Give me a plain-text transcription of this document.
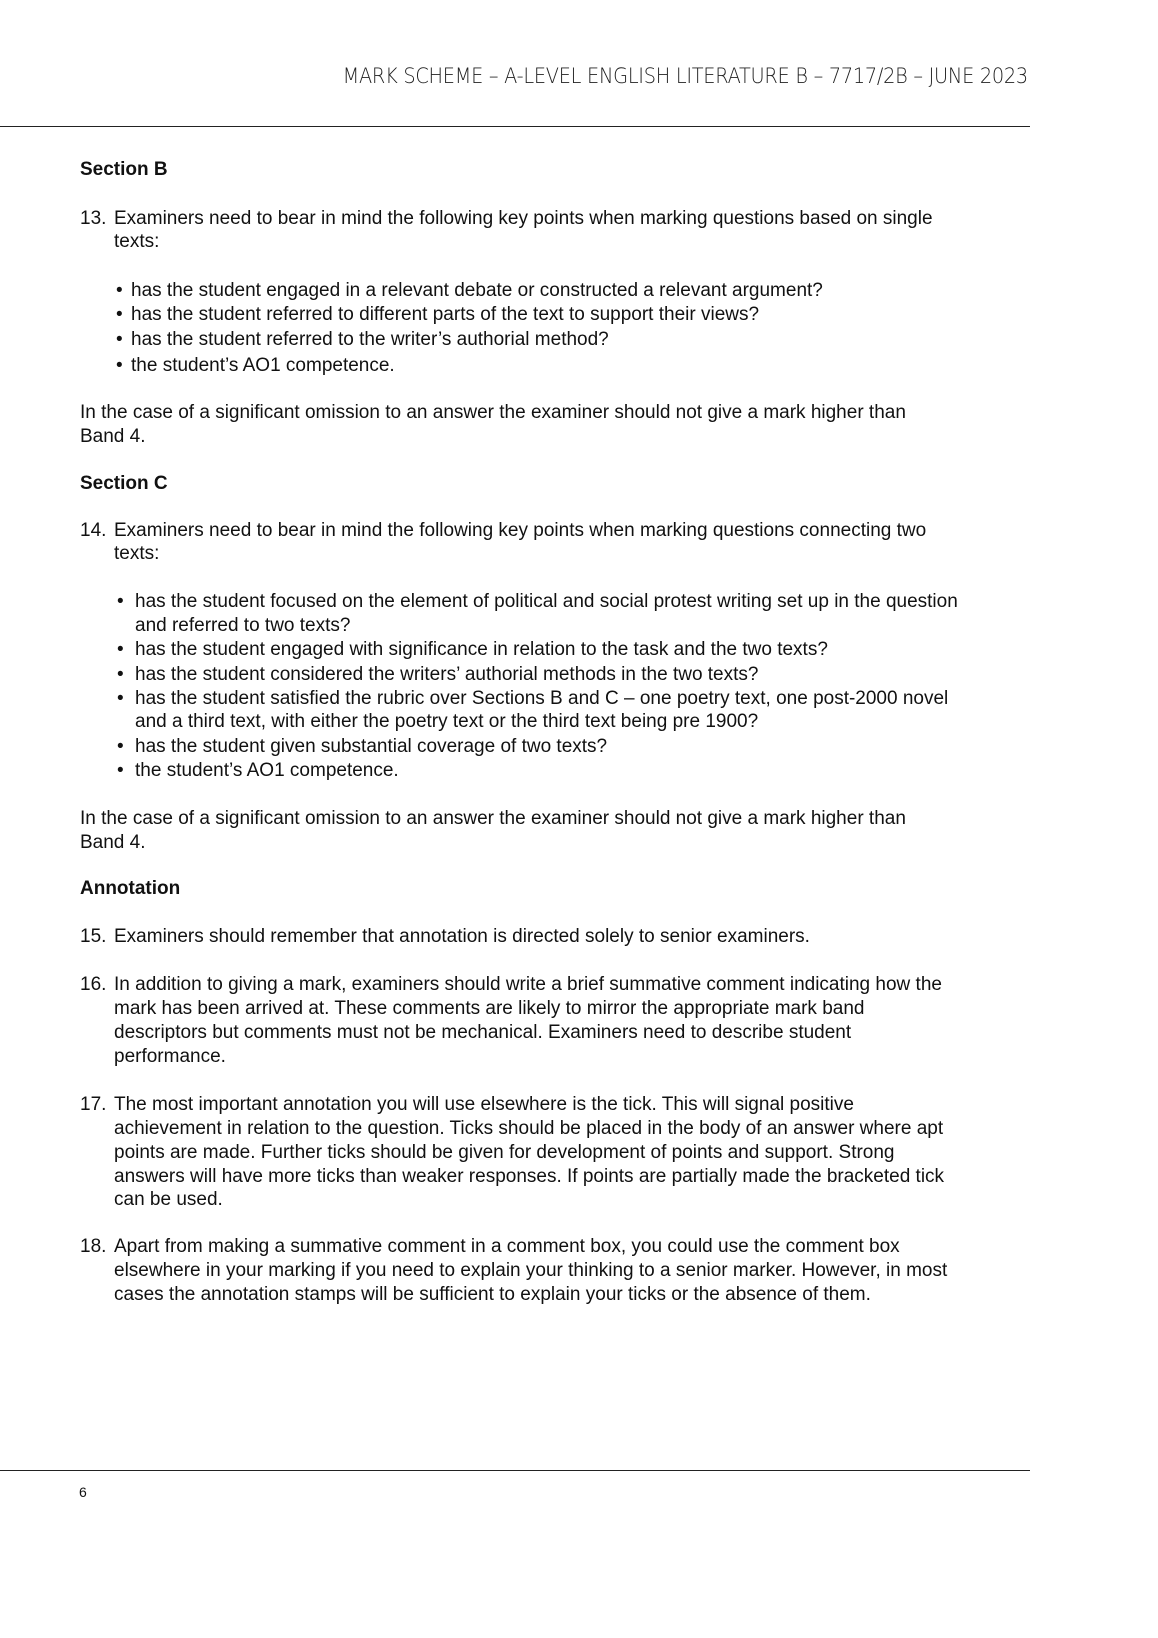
MARK SCHEME – A-LEVEL ENGLISH LITERATURE B – 7717/2B – JUNE 2023
Section B
13. Examiners need to bear in mind the following key points when marking questions based on single
texts:
• has the student engaged in a relevant debate or constructed a relevant argument?
• has the student referred to different parts of the text to support their views?
• has the student referred to the writer’s authorial method?
• the student’s AO1 competence.
In the case of a significant omission to an answer the examiner should not give a mark higher than
Band 4.
Section C
14. Examiners need to bear in mind the following key points when marking questions connecting two
texts:
• has the student focused on the element of political and social protest writing set up in the question
and referred to two texts?
• has the student engaged with significance in relation to the task and the two texts?
• has the student considered the writers’ authorial methods in the two texts?
• has the student satisfied the rubric over Sections B and C – one poetry text, one post-2000 novel
and a third text, with either the poetry text or the third text being pre 1900?
• has the student given substantial coverage of two texts?
• the student’s AO1 competence.
In the case of a significant omission to an answer the examiner should not give a mark higher than
Band 4.
Annotation
15. Examiners should remember that annotation is directed solely to senior examiners.
16. In addition to giving a mark, examiners should write a brief summative comment indicating how the
mark has been arrived at. These comments are likely to mirror the appropriate mark band
descriptors but comments must not be mechanical. Examiners need to describe student
performance.
17. The most important annotation you will use elsewhere is the tick. This will signal positive
achievement in relation to the question. Ticks should be placed in the body of an answer where apt
points are made. Further ticks should be given for development of points and support. Strong
answers will have more ticks than weaker responses. If points are partially made the bracketed tick
can be used.
18. Apart from making a summative comment in a comment box, you could use the comment box
elsewhere in your marking if you need to explain your thinking to a senior marker. However, in most
cases the annotation stamps will be sufficient to explain your ticks or the absence of them.
6
